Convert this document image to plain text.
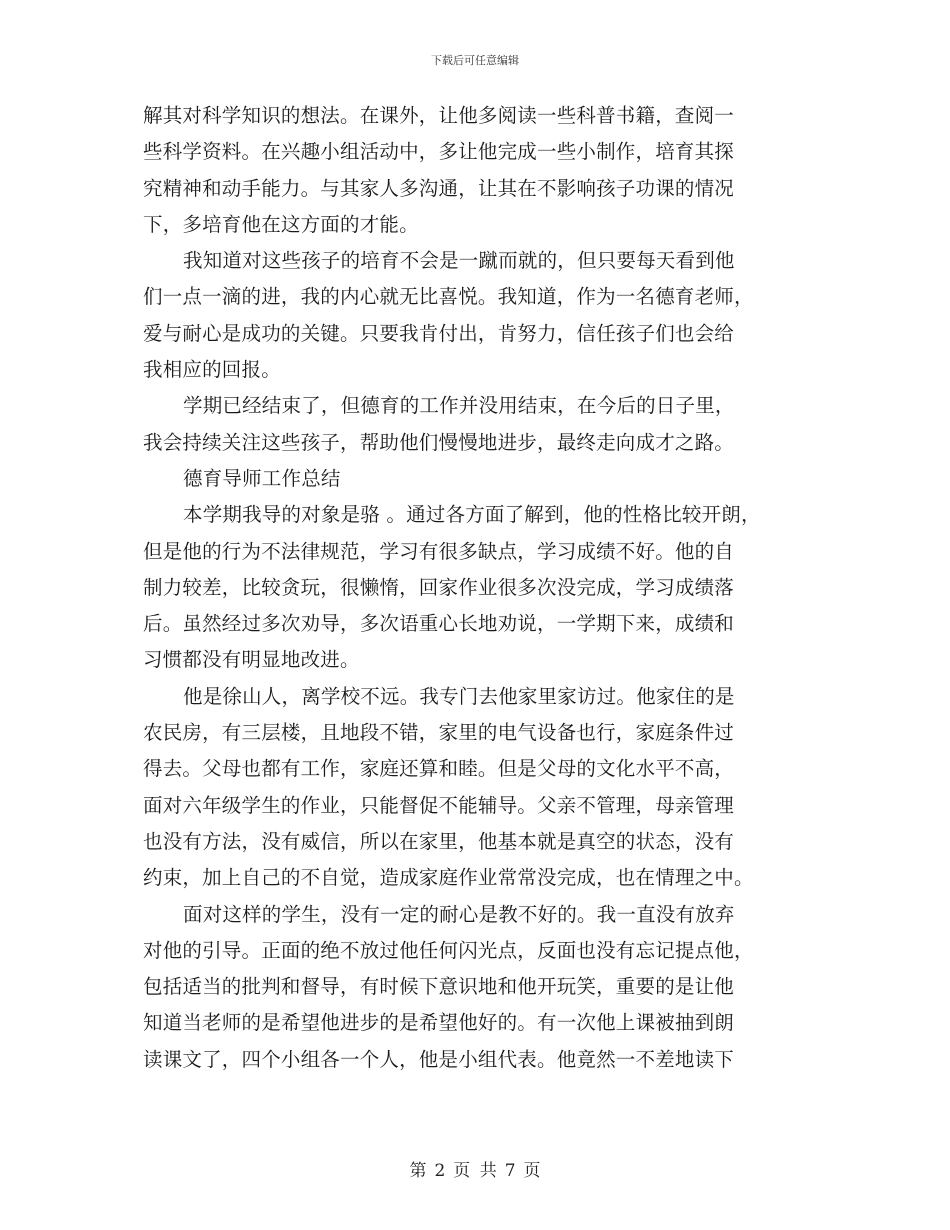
下载后可任意编辑
解其对科学知识的想法。在课外，让他多阅读一些科普书籍，查阅一
些科学资料。在兴趣小组活动中，多让他完成一些小制作，培育其探
究精神和动手能力。与其家人多沟通，让其在不影响孩子功课的情况
下，多培育他在这方面的才能。
我知道对这些孩子的培育不会是一蹴而就的，但只要每天看到他
们一点一滴的进，我的内心就无比喜悦。我知道，作为一名德育老师，
爱与耐心是成功的关键。只要我肯付出，肯努力，信任孩子们也会给
我相应的回报。
学期已经结束了，但德育的工作并没用结束，在今后的日子里，
我会持续关注这些孩子，帮助他们慢慢地进步，最终走向成才之路。
德育导师工作总结
本学期我导的对象是骆 。通过各方面了解到，他的性格比较开朗，
但是他的行为不法律规范，学习有很多缺点，学习成绩不好。他的自
制力较差，比较贪玩，很懒惰，回家作业很多次没完成，学习成绩落
后。虽然经过多次劝导，多次语重心长地劝说，一学期下来，成绩和
习惯都没有明显地改进。
他是徐山人，离学校不远。我专门去他家里家访过。他家住的是
农民房，有三层楼，且地段不错，家里的电气设备也行，家庭条件过
得去。父母也都有工作，家庭还算和睦。但是父母的文化水平不高，
面对六年级学生的作业，只能督促不能辅导。父亲不管理，母亲管理
也没有方法，没有威信，所以在家里，他基本就是真空的状态，没有
约束，加上自己的不自觉，造成家庭作业常常没完成，也在情理之中。
面对这样的学生，没有一定的耐心是教不好的。我一直没有放弃
对他的引导。正面的绝不放过他任何闪光点，反面也没有忘记提点他，
包括适当的批判和督导，有时候下意识地和他开玩笑，重要的是让他
知道当老师的是希望他进步的是希望他好的。有一次他上课被抽到朗
读课文了，四个小组各一个人，他是小组代表。他竟然一不差地读下
第 2 页 共 7 页
